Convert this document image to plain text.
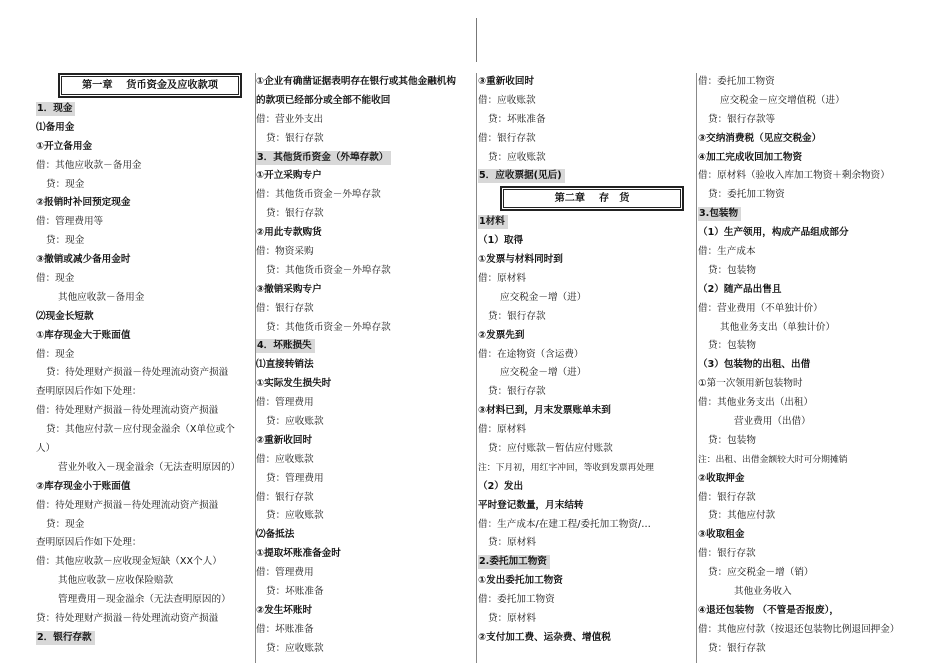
第一章　 货币资金及应收款项
1．现金
⑴备用金
①开立备用金
借：其他应收款－备用金
贷：现金
②报销时补回预定现金
借：管理费用等
贷：现金
③撤销或减少备用金时
借：现金
其他应收款－备用金
⑵现金长短款
①库存现金大于账面值
借：现金
贷：待处理财产损溢－待处理流动资产损溢
查明原因后作如下处理：
借：待处理财产损溢－待处理流动资产损溢
贷：其他应付款－应付现金溢余（X单位或个
人）
营业外收入－现金溢余（无法查明原因的）
②库存现金小于账面值
借：待处理财产损溢－待处理流动资产损溢
贷：现金
查明原因后作如下处理：
借：其他应收款－应收现金短缺（XX个人）
其他应收款－应收保险赔款
管理费用－现金溢余（无法查明原因的）
贷：待处理财产损溢－待处理流动资产损溢
2．银行存款
①企业有确凿证据表明存在银行或其他金融机构
的款项已经部分或全部不能收回
借：营业外支出
贷：银行存款
3．其他货币资金（外埠存款）
①开立采购专户
借：其他货币资金－外埠存款
贷：银行存款
②用此专款购货
借：物资采购
贷：其他货币资金－外埠存款
③撤销采购专户
借：银行存款
贷：其他货币资金－外埠存款
4．坏账损失
⑴直接转销法
①实际发生损失时
借：管理费用
贷：应收账款
②重新收回时
借：应收账款
贷：管理费用
借：银行存款
贷：应收账款
⑵备抵法
①提取坏账准备金时
借：管理费用
贷：坏账准备
②发生坏账时
借：坏账准备
贷：应收账款
③重新收回时
借：应收账款
贷：坏账准备
借：银行存款
贷：应收账款
5．应收票据(见后)
第二章　 存　货
1材料
（1）取得
①发票与材料同时到
借：原材料
应交税金－增（进）
贷：银行存款
②发票先到
借：在途物资（含运费）
应交税金－增（进）
贷：银行存款
③材料已到，月末发票账单未到
借：原材料
贷：应付账款－暂估应付账款
注：下月初，用红字冲回，等收到发票再处理
（2）发出
平时登记数量，月末结转
借：生产成本/在建工程/委托加工物资/…
贷：原材料
2.委托加工物资
①发出委托加工物资
借：委托加工物资
贷：原材料
②支付加工费、运杂费、增值税
借：委托加工物资
应交税金－应交增值税（进）
贷：银行存款等
③交纳消费税（见应交税金）
④加工完成收回加工物资
借：原材料（验收入库加工物资＋剩余物资）
贷：委托加工物资
3.包装物
（1）生产领用，构成产品组成部分
借：生产成本
贷：包装物
（2）随产品出售且
借：营业费用（不单独计价）
其他业务支出（单独计价）
贷：包装物
（3）包装物的出租、出借
①第一次领用新包装物时
借：其他业务支出（出租）
营业费用（出借）
贷：包装物
注：出租、出借金额较大时可分期摊销
②收取押金
借：银行存款
贷：其他应付款
③收取租金
借：银行存款
贷：应交税金－增（销）
其他业务收入
④退还包装物 （不管是否报废），
借：其他应付款（按退还包装物比例退回押金）
贷：银行存款
